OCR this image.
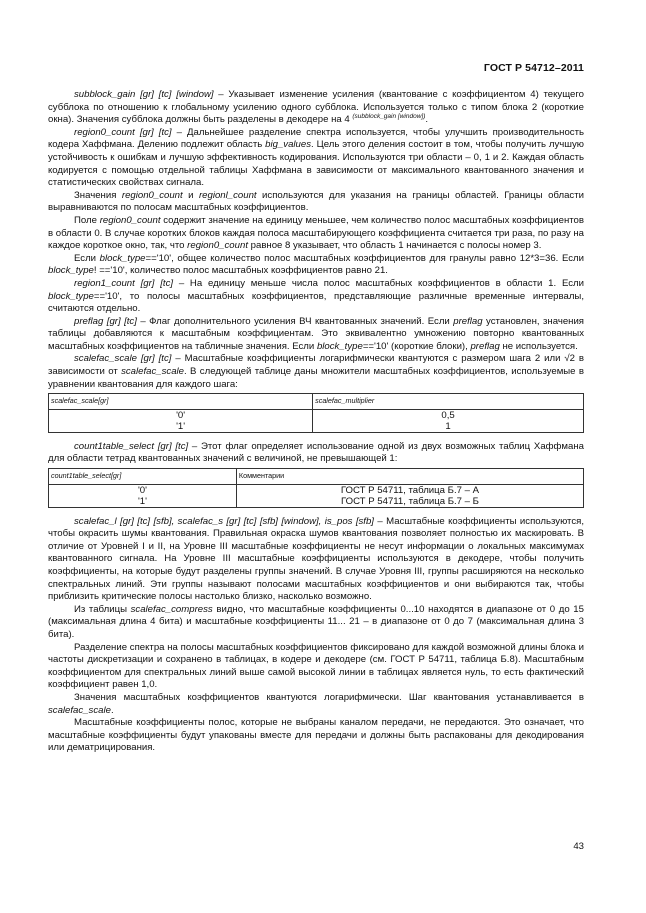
ГОСТ Р 54712–2011

subblock_gain [gr] [tc] [window] – Указывает изменение усиления (квантование с коэффициентом 4) текущего субблока по отношению к глобальному усилению одного субблока. Используется только с типом блока 2 (короткие окна). Значения субблока должны быть разделены в декодере на 4 $^{(subblock\_gain [window])}$.

region0_count [gr] [tc] – Дальнейшее разделение спектра используется, чтобы улучшить производительность кодера Хаффмана. Делению подлежит область big_values. Цель этого деления состоит в том, чтобы получить лучшую устойчивость к ошибкам и лучшую эффективность кодирования. Используются три области – 0, 1 и 2. Каждая область кодируется с помощью отдельной таблицы Хаффмана в зависимости от максимального квантованного значения и статистических свойствах сигнала.

Значения region0_count и regionl_count используются для указания на границы областей. Границы области выравниваются по полосам масштабных коэффициентов.

Поле region0_count содержит значение на единицу меньшее, чем количество полос масштабных коэффициентов в области 0. В случае коротких блоков каждая полоса масштабирующего коэффициента считается три раза, по разу на каждое короткое окно, так, что region0_count равное 8 указывает, что область 1 начинается с полосы номер 3.

Если block_type=='10', общее количество полос масштабных коэффициентов для гранулы равно 12*3=36. Если block_type! =='10', количество полос масштабных коэффициентов равно 21.

region1_count [gr] [tc] – На единицу меньше числа полос масштабных коэффициентов в области 1. Если block_type=='10', то полосы масштабных коэффициентов, представляющие различные временные интервалы, считаются отдельно.

preflag [gr] [tc] – Флаг дополнительного усиления ВЧ квантованных значений. Если preflag установлен, значения таблицы добавляются к масштабным коэффициентам. Это эквивалентно умножению повторно квантованных масштабных коэффициентов на табличные значения. Если block_type=='10' (короткие блоки), preflag не используется.

scalefac_scale [gr] [tc] – Масштабные коэффициенты логарифмически квантуются с размером шага 2 или √2 в зависимости от scalefac_scale. В следующей таблице даны множители масштабных коэффициентов, используемые в уравнении квантования для каждого шага:

scalefac_scale[gr]	scalefac_multiplier
'0'	0,5
'1'	1

count1table_select [gr] [tc] – Этот флаг определяет использование одной из двух возможных таблиц Хаффмана для области тетрад квантованных значений с величиной, не превышающей 1:

count1table_select[gr]	Комментарии
'0'	ГОСТ Р 54711, таблица Б.7 – А
'1'	ГОСТ Р 54711, таблица Б.7 – Б

scalefac_l [gr] [tc] [sfb], scalefac_s [gr] [tc] [sfb] [window], is_pos [sfb] – Масштабные коэффициенты используются, чтобы окрасить шумы квантования. Правильная окраска шумов квантования позволяет полностью их маскировать. В отличие от Уровней I и II, на Уровне III масштабные коэффициенты не несут информации о локальных максимумах квантованного сигнала. На Уровне III масштабные коэффициенты используются в декодере, чтобы получить коэффициенты, на которые будут разделены группы значений. В случае Уровня III, группы расширяются на несколько спектральных линий. Эти группы называют полосами масштабных коэффициентов и они выбираются так, чтобы приблизить критические полосы настолько близко, насколько возможно.

Из таблицы scalefac_compress видно, что масштабные коэффициенты 0...10 находятся в диапазоне от 0 до 15 (максимальная длина 4 бита) и масштабные коэффициенты 11... 21 – в диапазоне от 0 до 7 (максимальная длина 3 бита).

Разделение спектра на полосы масштабных коэффициентов фиксировано для каждой возможной длины блока и частоты дискретизации и сохранено в таблицах, в кодере и декодере (см. ГОСТ Р 54711, таблица Б.8). Масштабным коэффициентом для спектральных линий выше самой высокой линии в таблицах является нуль, то есть фактический коэффициент равен 1,0.

Значения масштабных коэффициентов квантуются логарифмически. Шаг квантования устанавливается в scalefac_scale.

Масштабные коэффициенты полос, которые не выбраны каналом передачи, не передаются. Это означает, что масштабные коэффициенты будут упакованы вместе для передачи и должны быть распакованы для декодирования или дематрицирования.

43
